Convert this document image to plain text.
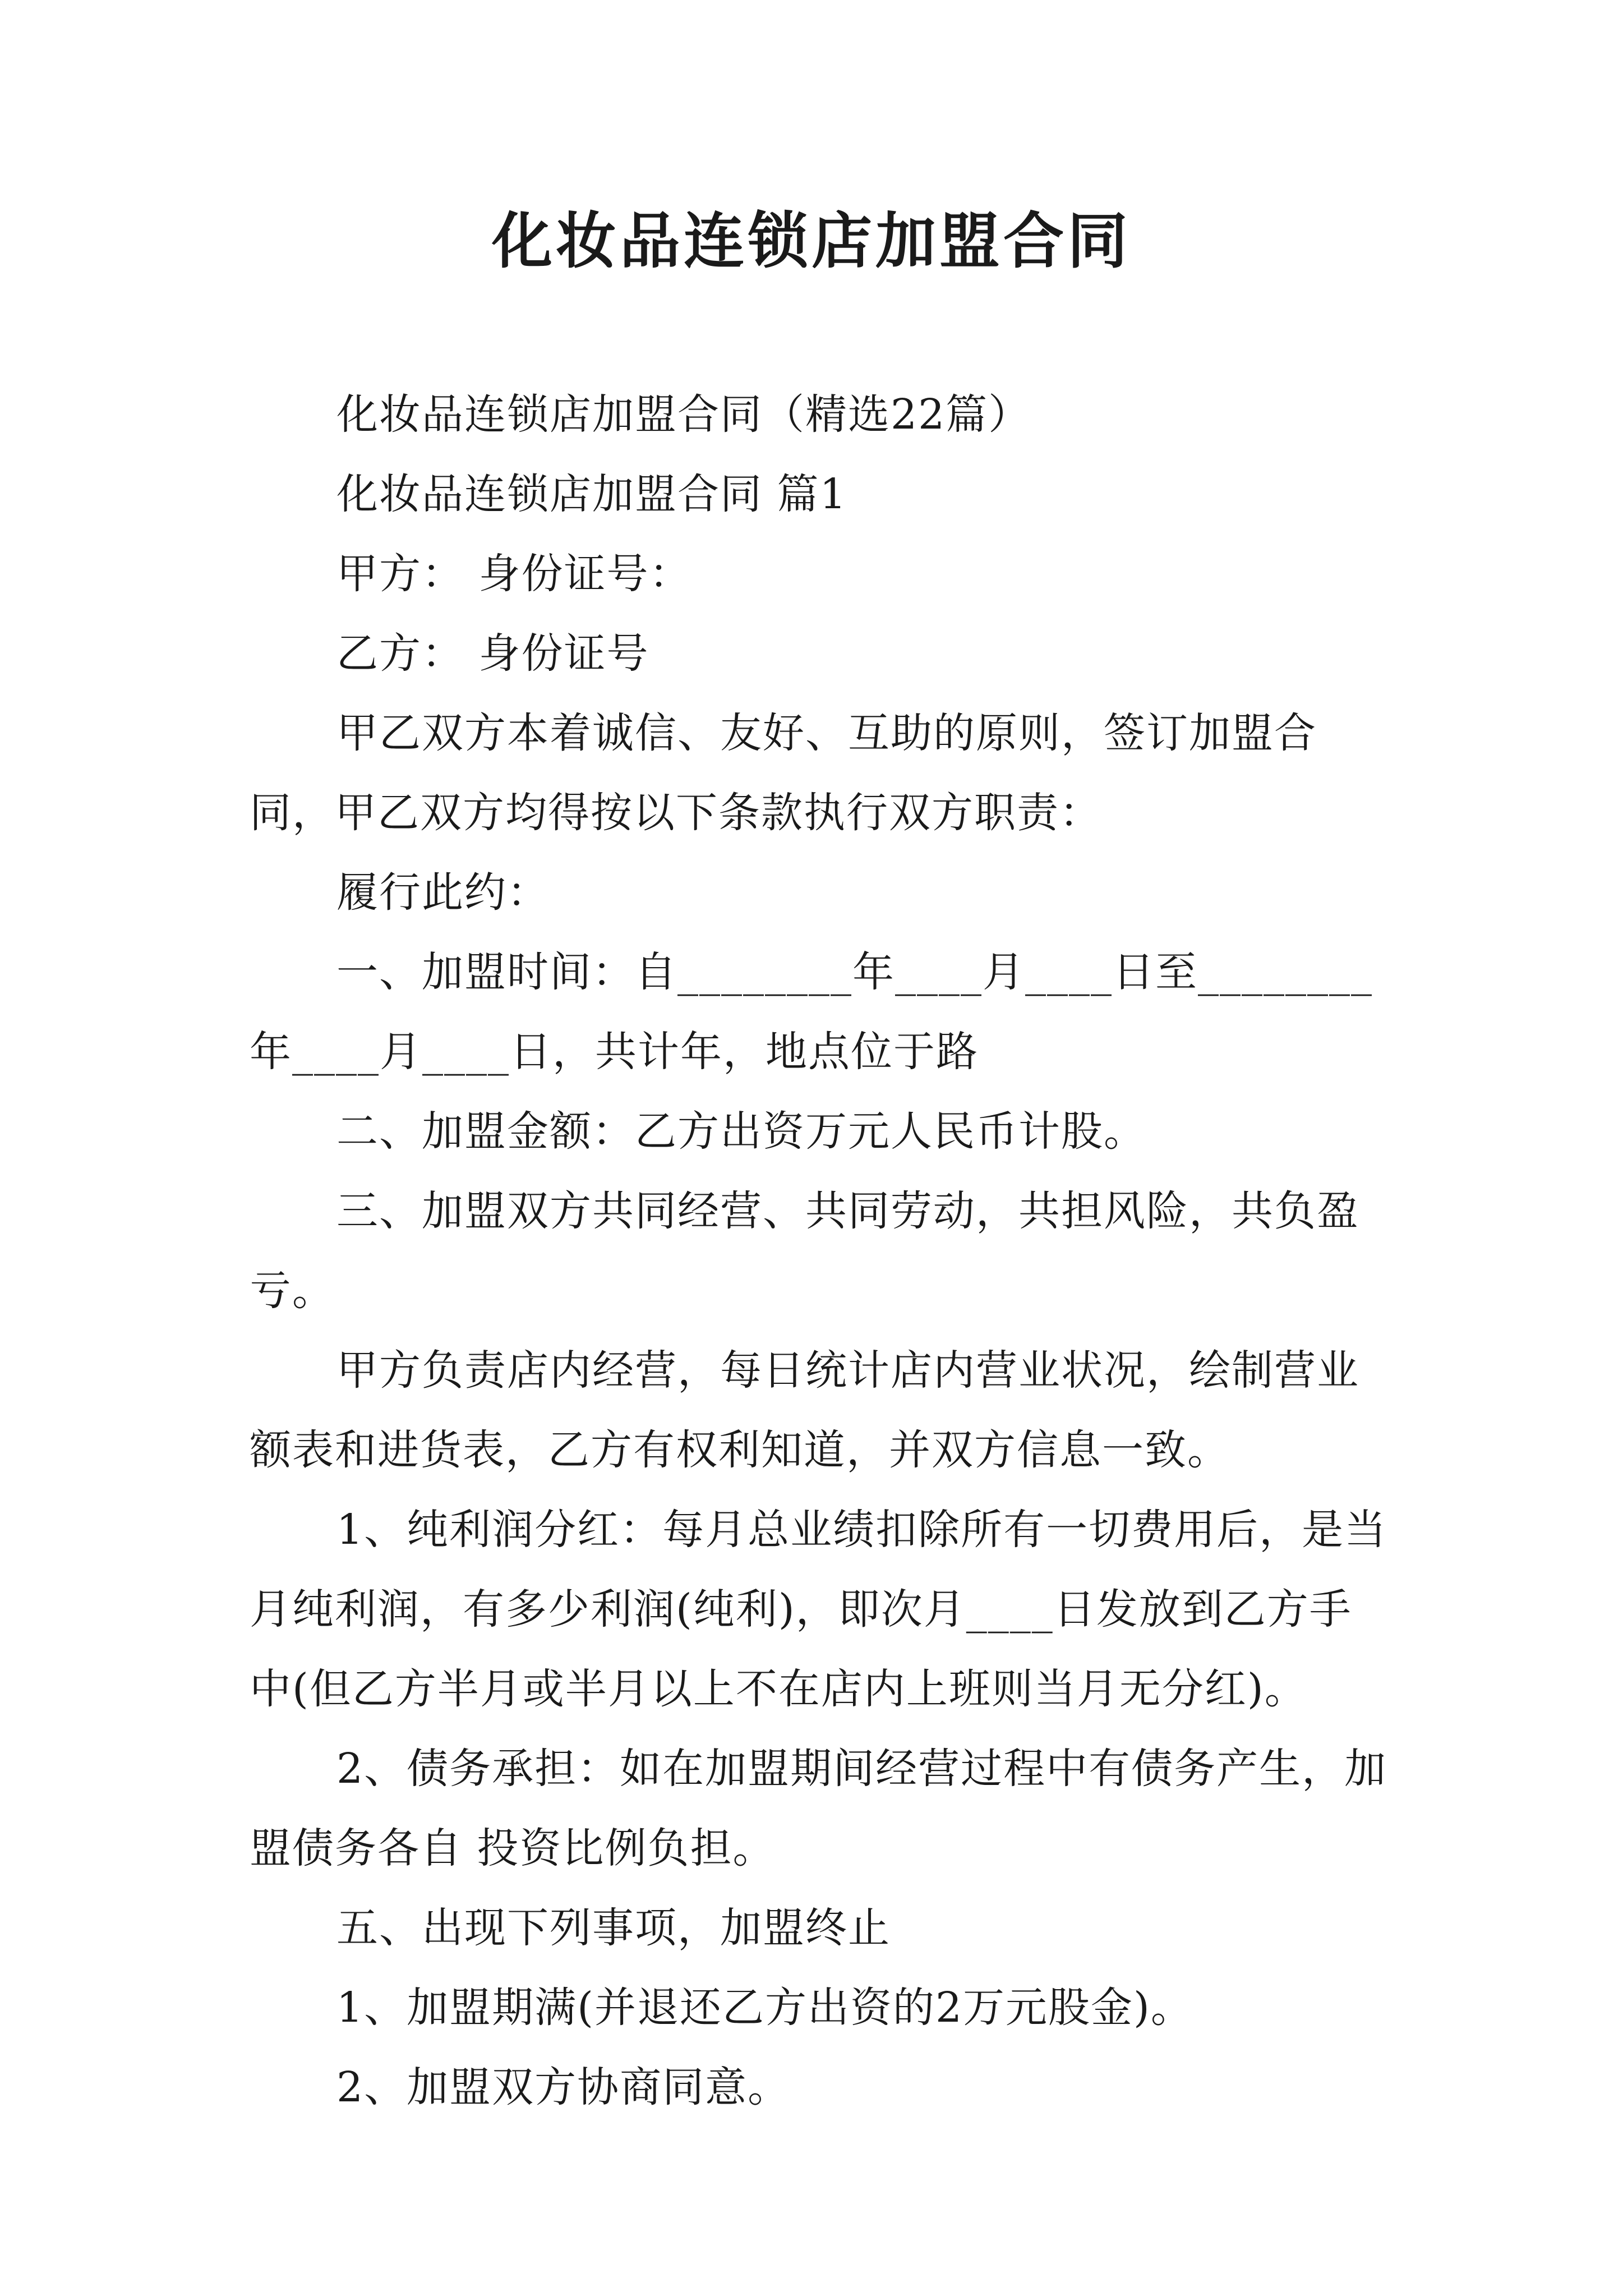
化妆品连锁店加盟合同

化妆品连锁店加盟合同（精选22篇）

化妆品连锁店加盟合同 篇1

甲方： 身份证号：

乙方： 身份证号

甲乙双方本着诚信、友好、互助的原则，签订加盟合同，甲乙双方均得按以下条款执行双方职责：

履行此约：

一、加盟时间：自________年____月____日至________年____月____日，共计年，地点位于路

二、加盟金额：乙方出资万元人民币计股。

三、加盟双方共同经营、共同劳动，共担风险，共负盈亏。

甲方负责店内经营，每日统计店内营业状况，绘制营业额表和进货表，乙方有权利知道，并双方信息一致。

1、纯利润分红：每月总业绩扣除所有一切费用后，是当月纯利润，有多少利润(纯利)，即次月____日发放到乙方手中(但乙方半月或半月以上不在店内上班则当月无分红)。

2、债务承担：如在加盟期间经营过程中有债务产生，加盟债务各自 投资比例负担。

五、出现下列事项，加盟终止

1、加盟期满(并退还乙方出资的2万元股金)。

2、加盟双方协商同意。
